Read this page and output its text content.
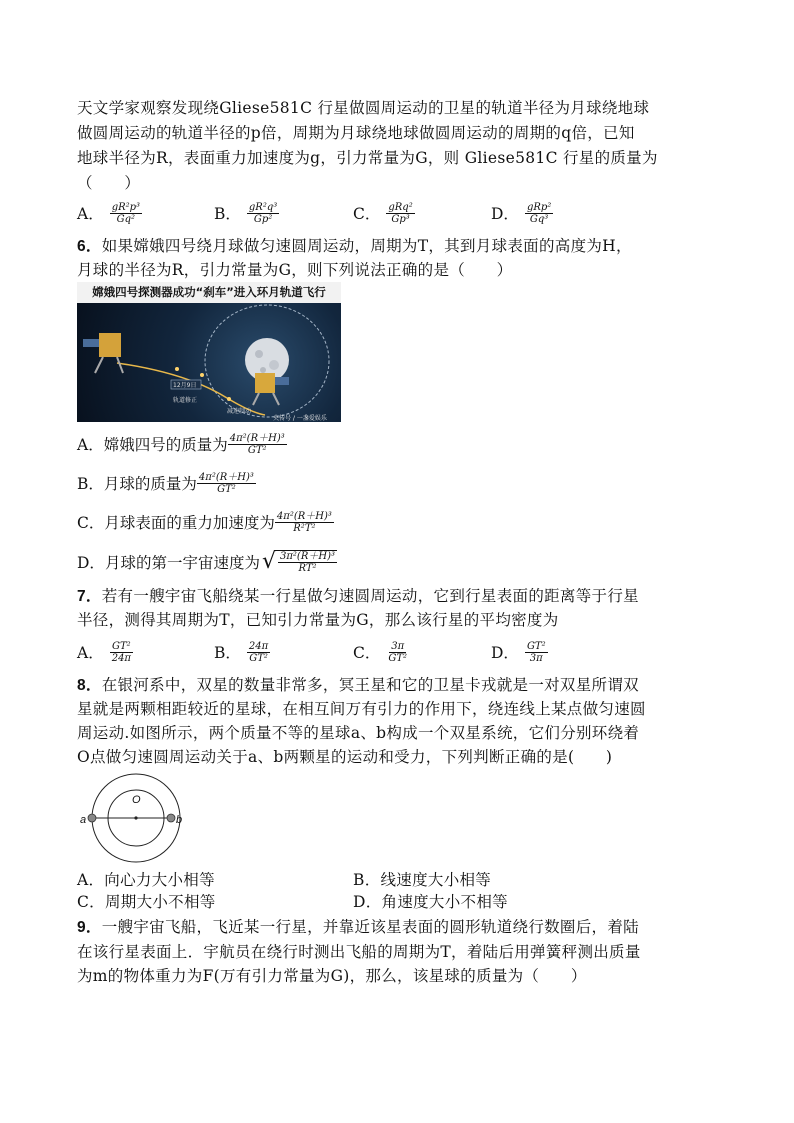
天文学家观察发现绕Gliese581C 行星做圆周运动的卫星的轨道半径为月球绕地球
做圆周运动的轨道半径的p倍，周期为月球绕地球做圆周运动的周期的q倍，已知
地球半径为R，表面重力加速度为g，引力常量为G，则 Gliese581C 行星的质量为
（　　）
A． $\frac{\text{gR²p³}}{\text{Gq²}}$	B． $\frac{\text{gR²q³}}{\text{Gp²}}$	C． $\frac{\text{gRq²}}{\text{Gp³}}$	D． $\frac{\text{gRp²}}{\text{Gq³}}$
6．如果嫦娥四号绕月球做匀速圆周运动，周期为T，其到月球表面的高度为H，
月球的半径为R，引力常量为G，则下列说法正确的是（　　）
嫦娥四号探测器成功“刹车”进入环月轨道飞行
12月9日
轨道修正
减速制动
央传号 / 一盏爱娱乐
A． 嫦娥四号的质量为 $\frac{\text{4π²(R＋H)³}}{\text{GT²}}$
B． 月球的质量为 $\frac{\text{4π²(R＋H)³}}{\text{GT²}}$
C． 月球表面的重力加速度为 $\frac{\text{4π²(R＋H)³}}{\text{R²T²}}$
D． 月球的第一宇宙速度为 √ $\frac{\text{3π²(R＋H)³}}{\text{RT²}}$
7．若有一艘宇宙飞船绕某一行星做匀速圆周运动，它到行星表面的距离等于行星
半径，测得其周期为T，已知引力常量为G，那么该行星的平均密度为
A． $\frac{\text{GT²}}{24\pi}$	B． $\frac{24\pi}{\text{GT²}}$	C． $\frac{3\pi}{\text{GT²}}$	D． $\frac{\text{GT²}}{3\pi}$
8．在银河系中，双星的数量非常多，冥王星和它的卫星卡戎就是一对双星所谓双
星就是两颗相距较近的星球，在相互间万有引力的作用下，绕连线上某点做匀速圆
周运动.如图所示，两个质量不等的星球a、b构成一个双星系统，它们分别环绕着
O点做匀速圆周运动关于a、b两颗星的运动和受力，下列判断正确的是(　　)
O
a	b
A．向心力大小相等	B．线速度大小相等
C．周期大小不相等	D．角速度大小不相等
9．一艘宇宙飞船，飞近某一行星，并靠近该星表面的圆形轨道绕行数圈后，着陆
在该行星表面上．宇航员在绕行时测出飞船的周期为T，着陆后用弹簧秤测出质量
为m的物体重力为F(万有引力常量为G)，那么，该星球的质量为（　　）
